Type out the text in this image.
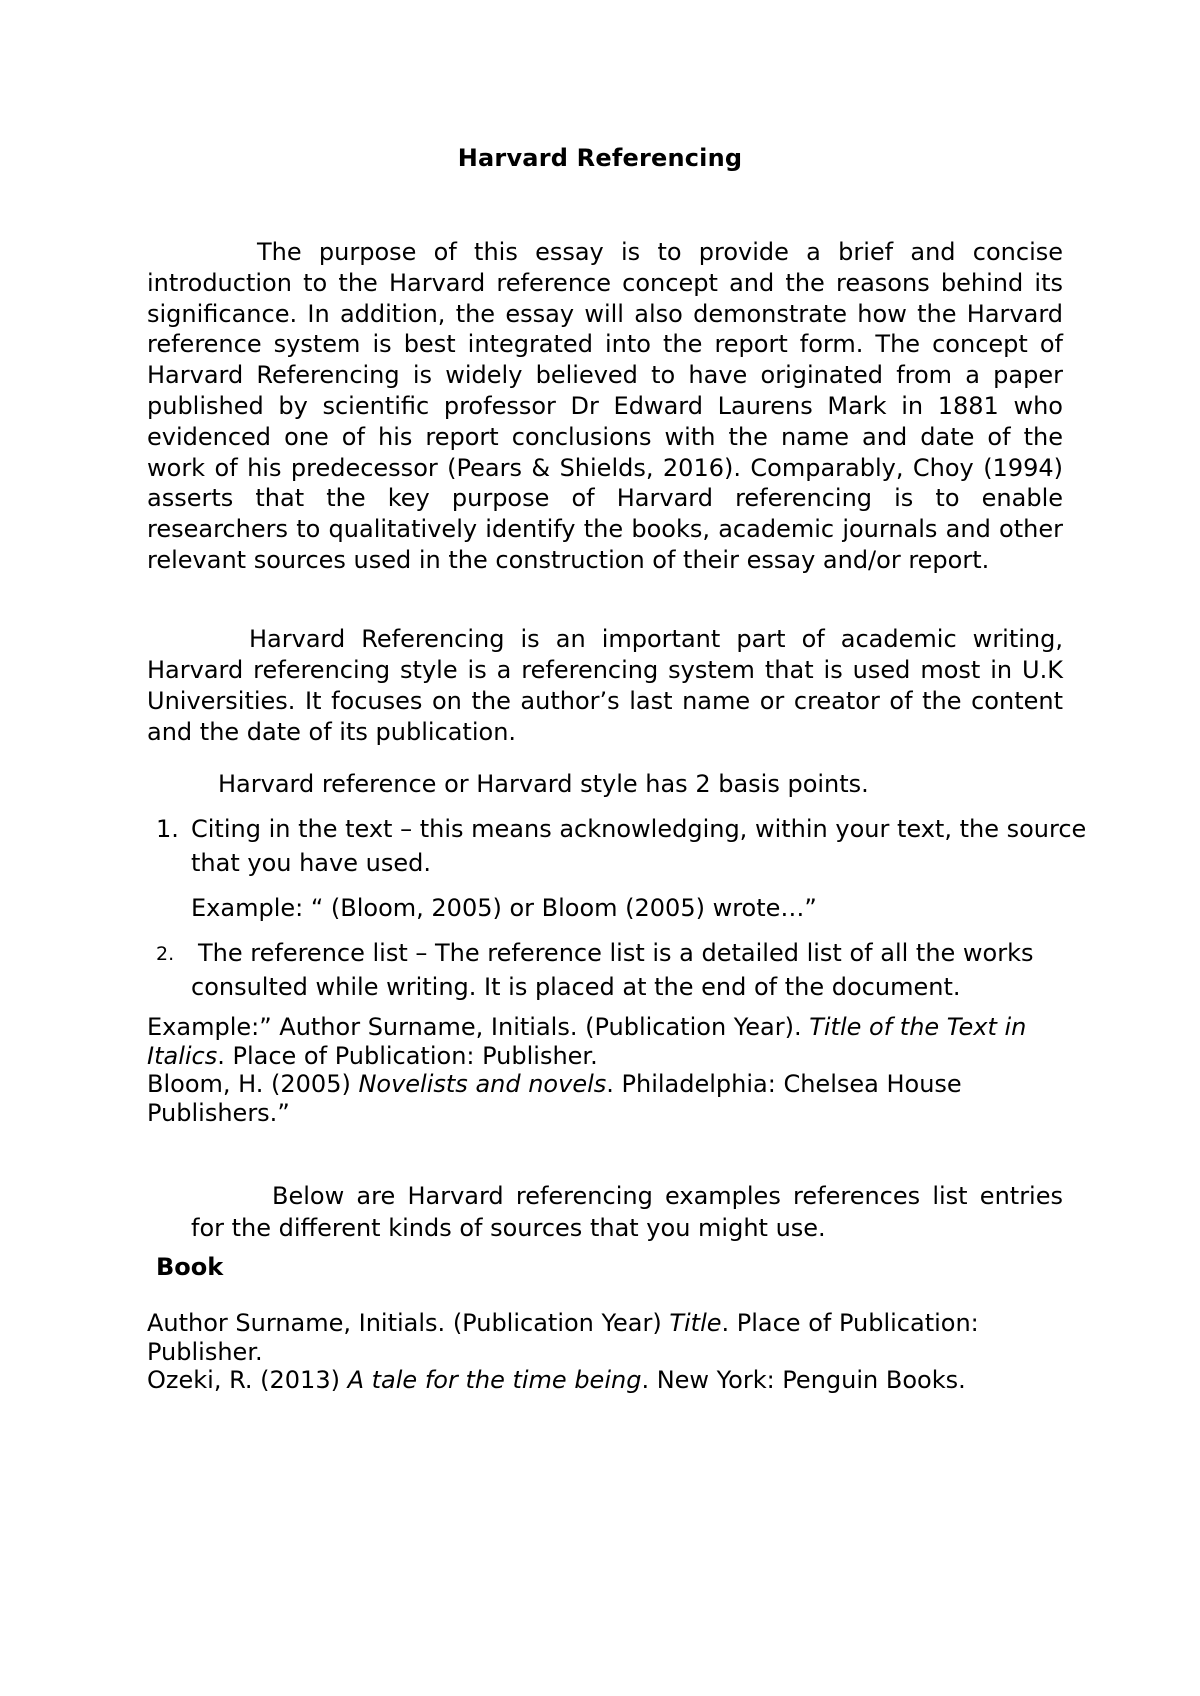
Harvard Referencing

The purpose of this essay is to provide a brief and concise introduction to the Harvard reference concept and the reasons behind its significance. In addition, the essay will also demonstrate how the Harvard reference system is best integrated into the report form. The concept of Harvard Referencing is widely believed to have originated from a paper published by scientific professor Dr Edward Laurens Mark in 1881 who evidenced one of his report conclusions with the name and date of the work of his predecessor (Pears & Shields, 2016). Comparably, Choy (1994) asserts that the key purpose of Harvard referencing is to enable researchers to qualitatively identify the books, academic journals and other relevant sources used in the construction of their essay and/or report.

Harvard Referencing is an important part of academic writing, Harvard referencing style is a referencing system that is used most in U.K Universities. It focuses on the author’s last name or creator of the content and the date of its publication.

Harvard reference or Harvard style has 2 basis points.

1. Citing in the text – this means acknowledging, within your text, the source that you have used.

Example: “ (Bloom, 2005) or Bloom (2005) wrote…”

2. The reference list – The reference list is a detailed list of all the works consulted while writing. It is placed at the end of the document.

Example:” Author Surname, Initials. (Publication Year). Title of the Text in Italics. Place of Publication: Publisher.
Bloom, H. (2005) Novelists and novels. Philadelphia: Chelsea House Publishers.”

Below are Harvard referencing examples references list entries for the different kinds of sources that you might use.

Book

Author Surname, Initials. (Publication Year) Title. Place of Publication: Publisher.
Ozeki, R. (2013) A tale for the time being. New York: Penguin Books.
